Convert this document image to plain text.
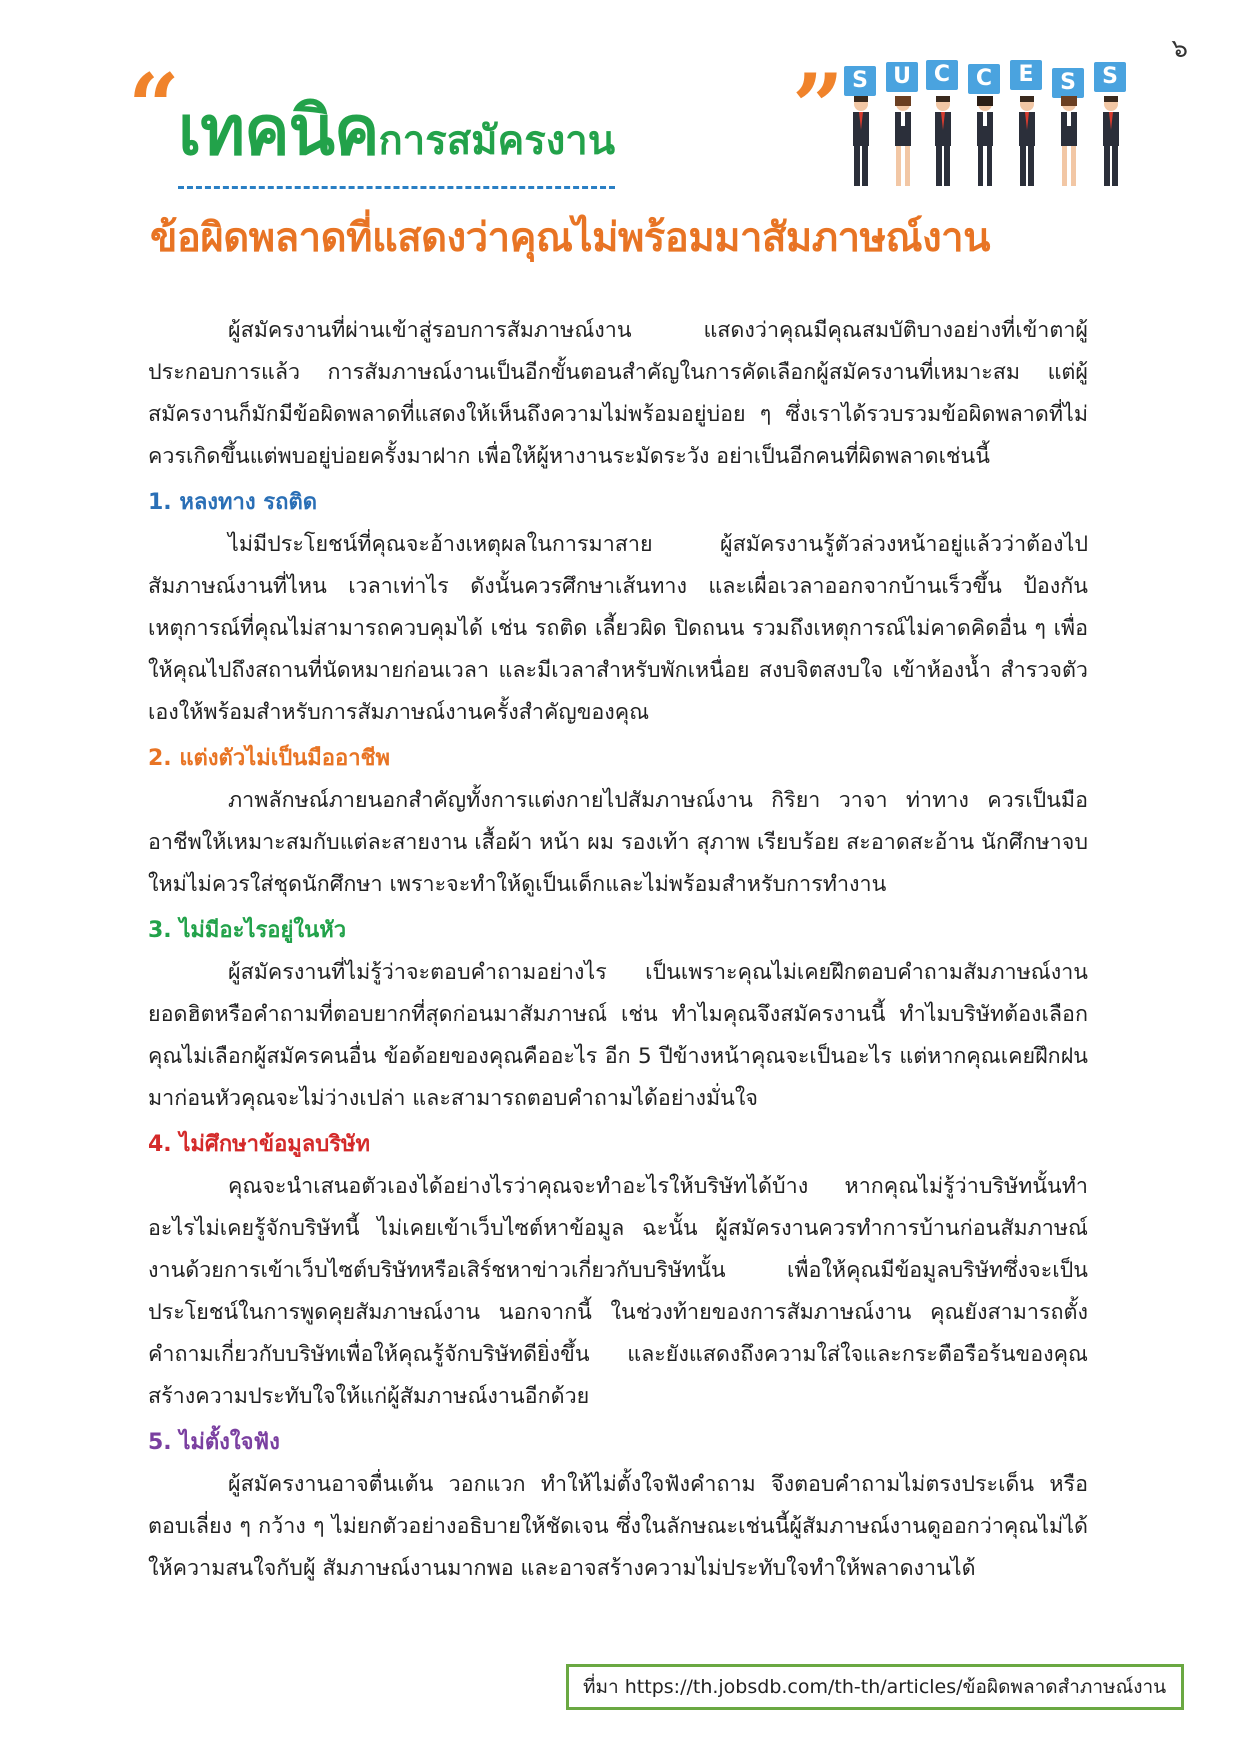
๖
“
เทคนิคการสมัครงาน ” S	U	C	C	E	S	S
ข้อผิดพลาดที่แสดงว่าคุณไม่พร้อมมาสัมภาษณ์งาน

ผู้สมัครงานที่ผ่านเข้าสู่รอบการสัมภาษณ์งาน แสดงว่าคุณมีคุณสมบัติบางอย่างที่เข้าตาผู้ประกอบการแล้ว การสัมภาษณ์งานเป็นอีกขั้นตอนสำคัญในการคัดเลือกผู้สมัครงานที่เหมาะสม แต่ผู้สมัครงานก็มักมีข้อผิดพลาดที่แสดงให้เห็นถึงความไม่พร้อมอยู่บ่อย ๆ ซึ่งเราได้รวบรวมข้อผิดพลาดที่ไม่ควรเกิดขึ้นแต่พบอยู่บ่อยครั้งมาฝาก เพื่อให้ผู้หางานระมัดระวัง อย่าเป็นอีกคนที่ผิดพลาดเช่นนี้

1. หลงทาง รถติด

ไม่มีประโยชน์ที่คุณจะอ้างเหตุผลในการมาสาย ผู้สมัครงานรู้ตัวล่วงหน้าอยู่แล้วว่าต้องไปสัมภาษณ์งานที่ไหน เวลาเท่าไร ดังนั้นควรศึกษาเส้นทาง และเผื่อเวลาออกจากบ้านเร็วขึ้น ป้องกันเหตุการณ์ที่คุณไม่สามารถควบคุมได้ เช่น รถติด เลี้ยวผิด ปิดถนน รวมถึงเหตุการณ์ไม่คาดคิดอื่น ๆ เพื่อให้คุณไปถึงสถานที่นัดหมายก่อนเวลา และมีเวลาสำหรับพักเหนื่อย สงบจิตสงบใจ เข้าห้องน้ำ สำรวจตัวเองให้พร้อมสำหรับการสัมภาษณ์งานครั้งสำคัญของคุณ

2. แต่งตัวไม่เป็นมืออาชีพ

ภาพลักษณ์ภายนอกสำคัญทั้งการแต่งกายไปสัมภาษณ์งาน กิริยา วาจา ท่าทาง ควรเป็นมืออาชีพให้เหมาะสมกับแต่ละสายงาน เสื้อผ้า หน้า ผม รองเท้า สุภาพ เรียบร้อย สะอาดสะอ้าน นักศึกษาจบใหม่ไม่ควรใส่ชุดนักศึกษา เพราะจะทำให้ดูเป็นเด็กและไม่พร้อมสำหรับการทำงาน

3. ไม่มีอะไรอยู่ในหัว

ผู้สมัครงานที่ไม่รู้ว่าจะตอบคำถามอย่างไร เป็นเพราะคุณไม่เคยฝึกตอบคำถามสัมภาษณ์งานยอดฮิตหรือคำถามที่ตอบยากที่สุดก่อนมาสัมภาษณ์ เช่น ทำไมคุณจึงสมัครงานนี้ ทำไมบริษัทต้องเลือกคุณไม่เลือกผู้สมัครคนอื่น ข้อด้อยของคุณคืออะไร อีก 5 ปีข้างหน้าคุณจะเป็นอะไร แต่หากคุณเคยฝึกฝนมาก่อนหัวคุณจะไม่ว่างเปล่า และสามารถตอบคำถามได้อย่างมั่นใจ

4. ไม่ศึกษาข้อมูลบริษัท

คุณจะนำเสนอตัวเองได้อย่างไรว่าคุณจะทำอะไรให้บริษัทได้บ้าง หากคุณไม่รู้ว่าบริษัทนั้นทำอะไรไม่เคยรู้จักบริษัทนี้ ไม่เคยเข้าเว็บไซต์หาข้อมูล ฉะนั้น ผู้สมัครงานควรทำการบ้านก่อนสัมภาษณ์งานด้วยการเข้าเว็บไซต์บริษัทหรือเสิร์ชหาข่าวเกี่ยวกับบริษัทนั้น เพื่อให้คุณมีข้อมูลบริษัทซึ่งจะเป็นประโยชน์ในการพูดคุยสัมภาษณ์งาน นอกจากนี้ ในช่วงท้ายของการสัมภาษณ์งาน คุณยังสามารถตั้งคำถามเกี่ยวกับบริษัทเพื่อให้คุณรู้จักบริษัทดียิ่งขึ้น และยังแสดงถึงความใส่ใจและกระตือรือร้นของคุณ สร้างความประทับใจให้แก่ผู้สัมภาษณ์งานอีกด้วย

5. ไม่ตั้งใจฟัง

ผู้สมัครงานอาจตื่นเต้น วอกแวก ทำให้ไม่ตั้งใจฟังคำถาม จึงตอบคำถามไม่ตรงประเด็น หรือตอบเลี่ยง ๆ กว้าง ๆ ไม่ยกตัวอย่างอธิบายให้ชัดเจน ซึ่งในลักษณะเช่นนี้ผู้สัมภาษณ์งานดูออกว่าคุณไม่ได้ให้ความสนใจกับผู้ สัมภาษณ์งานมากพอ และอาจสร้างความไม่ประทับใจทำให้พลาดงานได้

ที่มา https://th.jobsdb.com/th-th/articles/ข้อผิดพลาดสำภาษณ์งาน
